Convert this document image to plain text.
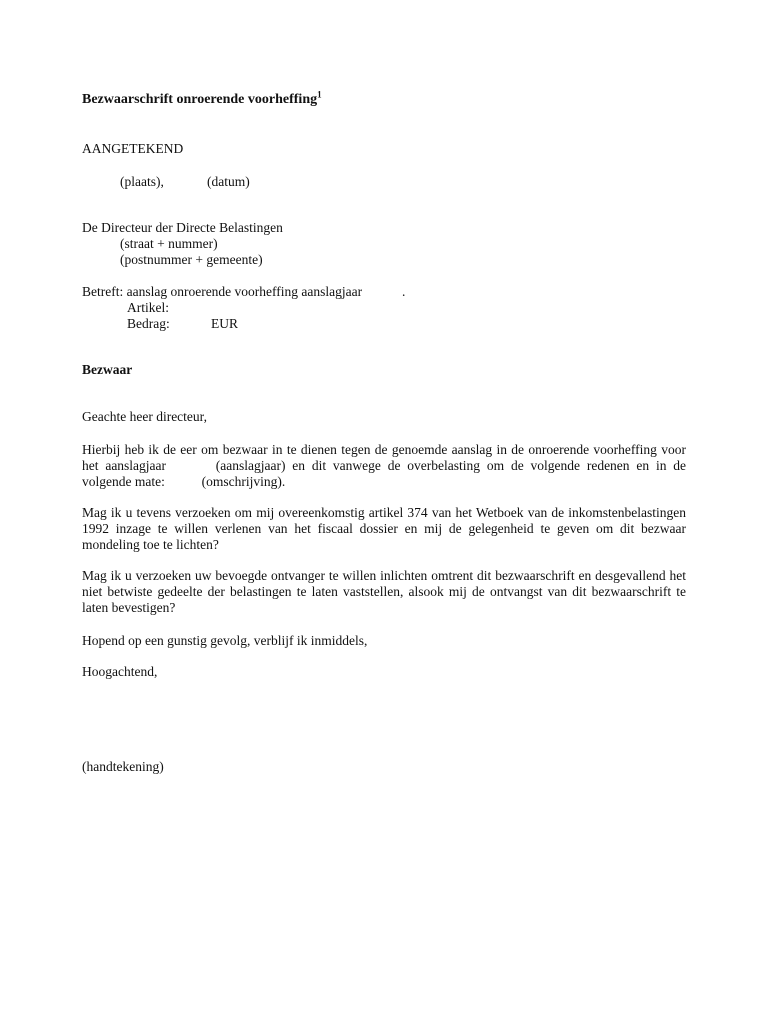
Bezwaarschrift onroerende voorheffing$^1$
AANGETEKEND
(plaats),	(datum)
De Directeur der Directe Belastingen
(straat + nummer)
(postnummer + gemeente)
Betreft: aanslag onroerende voorheffing aanslagjaar	.
Artikel:
Bedrag:	EUR
Bezwaar
Geachte heer directeur,
Hierbij heb ik de eer om bezwaar in te dienen tegen de genoemde aanslag in de onroerende voorheffing voor het aanslagjaar	(aanslagjaar) en dit vanwege de overbelasting om de volgende redenen en in de volgende mate:	(omschrijving).
Mag ik u tevens verzoeken om mij overeenkomstig artikel 374 van het Wetboek van de inkomstenbelastingen 1992 inzage te willen verlenen van het fiscaal dossier en mij de gelegenheid te geven om dit bezwaar mondeling toe te lichten?
Mag ik u verzoeken uw bevoegde ontvanger te willen inlichten omtrent dit bezwaarschrift en desgevallend het niet betwiste gedeelte der belastingen te laten vaststellen, alsook mij de ontvangst van dit bezwaarschrift te laten bevestigen?
Hopend op een gunstig gevolg, verblijf ik inmiddels,
Hoogachtend,
(handtekening)
